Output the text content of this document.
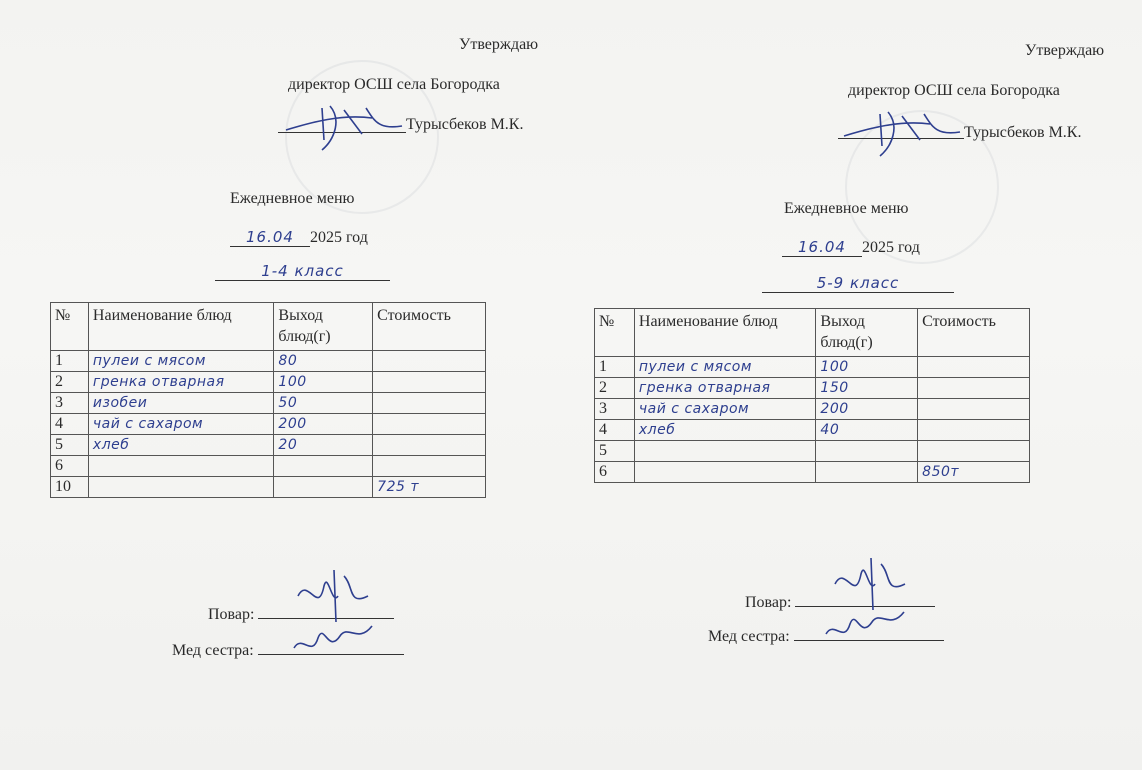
Утверждаю
директор ОСШ села Богородка
Турысбеков М.К.
Ежедневное меню
16.04 2025 год
1-4 класс
№	Наименование блюд	Выход блюд(г)	Стоимость
1	пулеи с мясом	80	
2	гренка отварная	100	
3	изобеи	50	
4	чай с сахаром	200	
5	хлеб	20	
6			
10			725 т
Повар:
Мед сестра:
Утверждаю
директор ОСШ села Богородка
Турысбеков М.К.
Ежедневное меню
16.04 2025 год
5-9 класс
№	Наименование блюд	Выход блюд(г)	Стоимость
1	пулеи с мясом	100	
2	гренка отварная	150	
3	чай с сахаром	200	
4	хлеб	40	
5			
6			850т
Повар:
Мед сестра:
